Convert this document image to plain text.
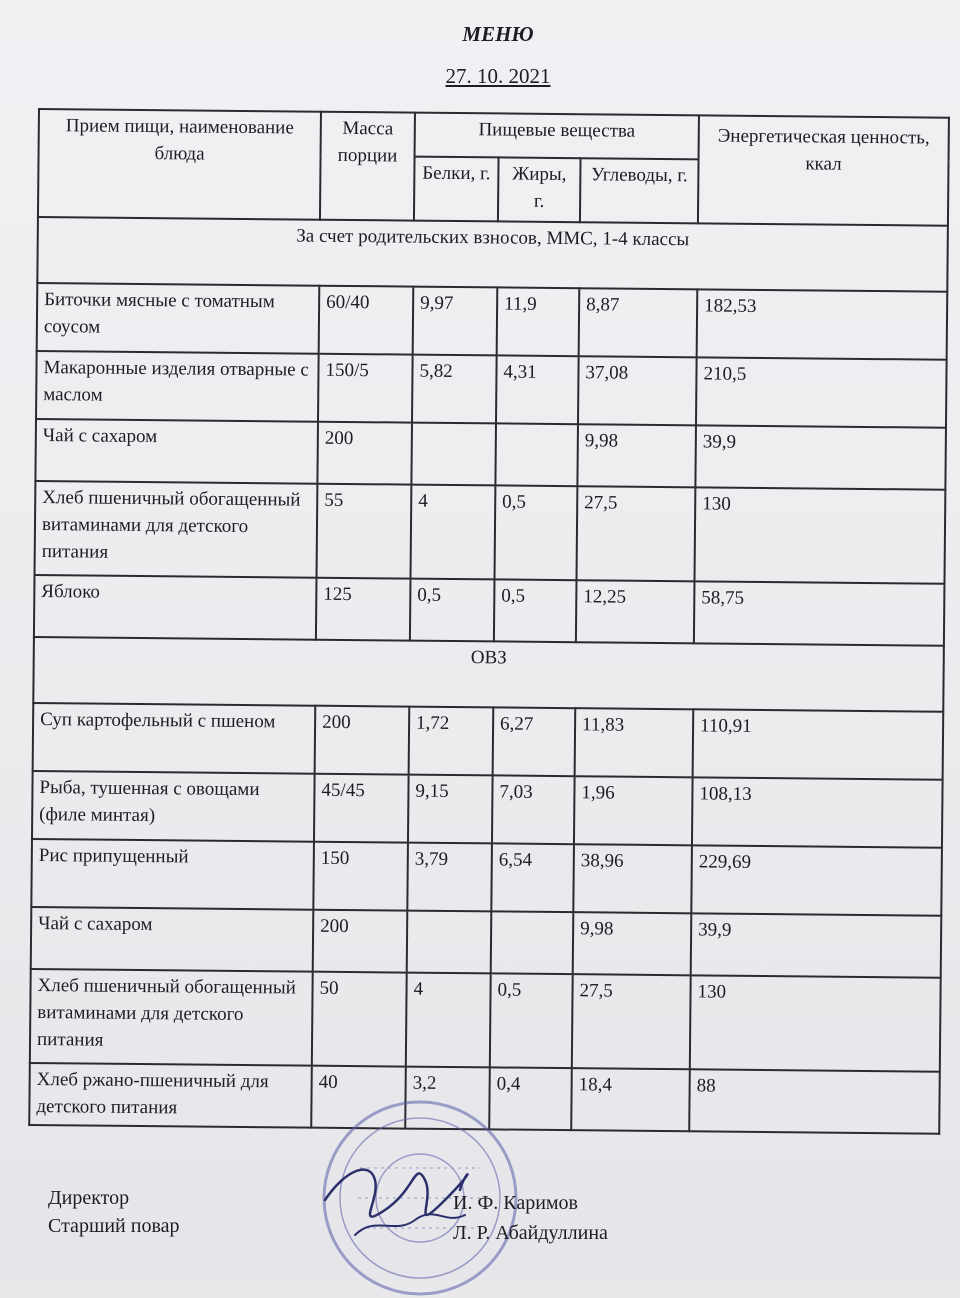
МЕНЮ
27. 10. 2021
Прием пищи, наименование блюда	Масса порции	Пищевые вещества			Энергетическая ценность, ккал
		Белки, г.	Жиры, г.	Углеводы, г.	
За счет родительских взносов, ММС, 1-4 классы					
Биточки мясные с томатным соусом	60/40	9,97	11,9	8,87	182,53
Макаронные изделия отварные с маслом	150/5	5,82	4,31	37,08	210,5
Чай с сахаром	200			9,98	39,9
Хлеб пшеничный обогащенный витаминами для детского питания	55	4	0,5	27,5	130
Яблоко	125	0,5	0,5	12,25	58,75
ОВЗ					
Суп картофельный с пшеном	200	1,72	6,27	11,83	110,91
Рыба, тушенная с овощами (филе минтая)	45/45	9,15	7,03	1,96	108,13
Рис припущенный	150	3,79	6,54	38,96	229,69
Чай с сахаром	200			9,98	39,9
Хлеб пшеничный обогащенный витаминами для детского питания	50	4	0,5	27,5	130
Хлеб ржано-пшеничный для детского питания	40	3,2	0,4	18,4	88
Директор
Старший повар
И. Ф. Каримов
Л. Р. Абайдуллина
